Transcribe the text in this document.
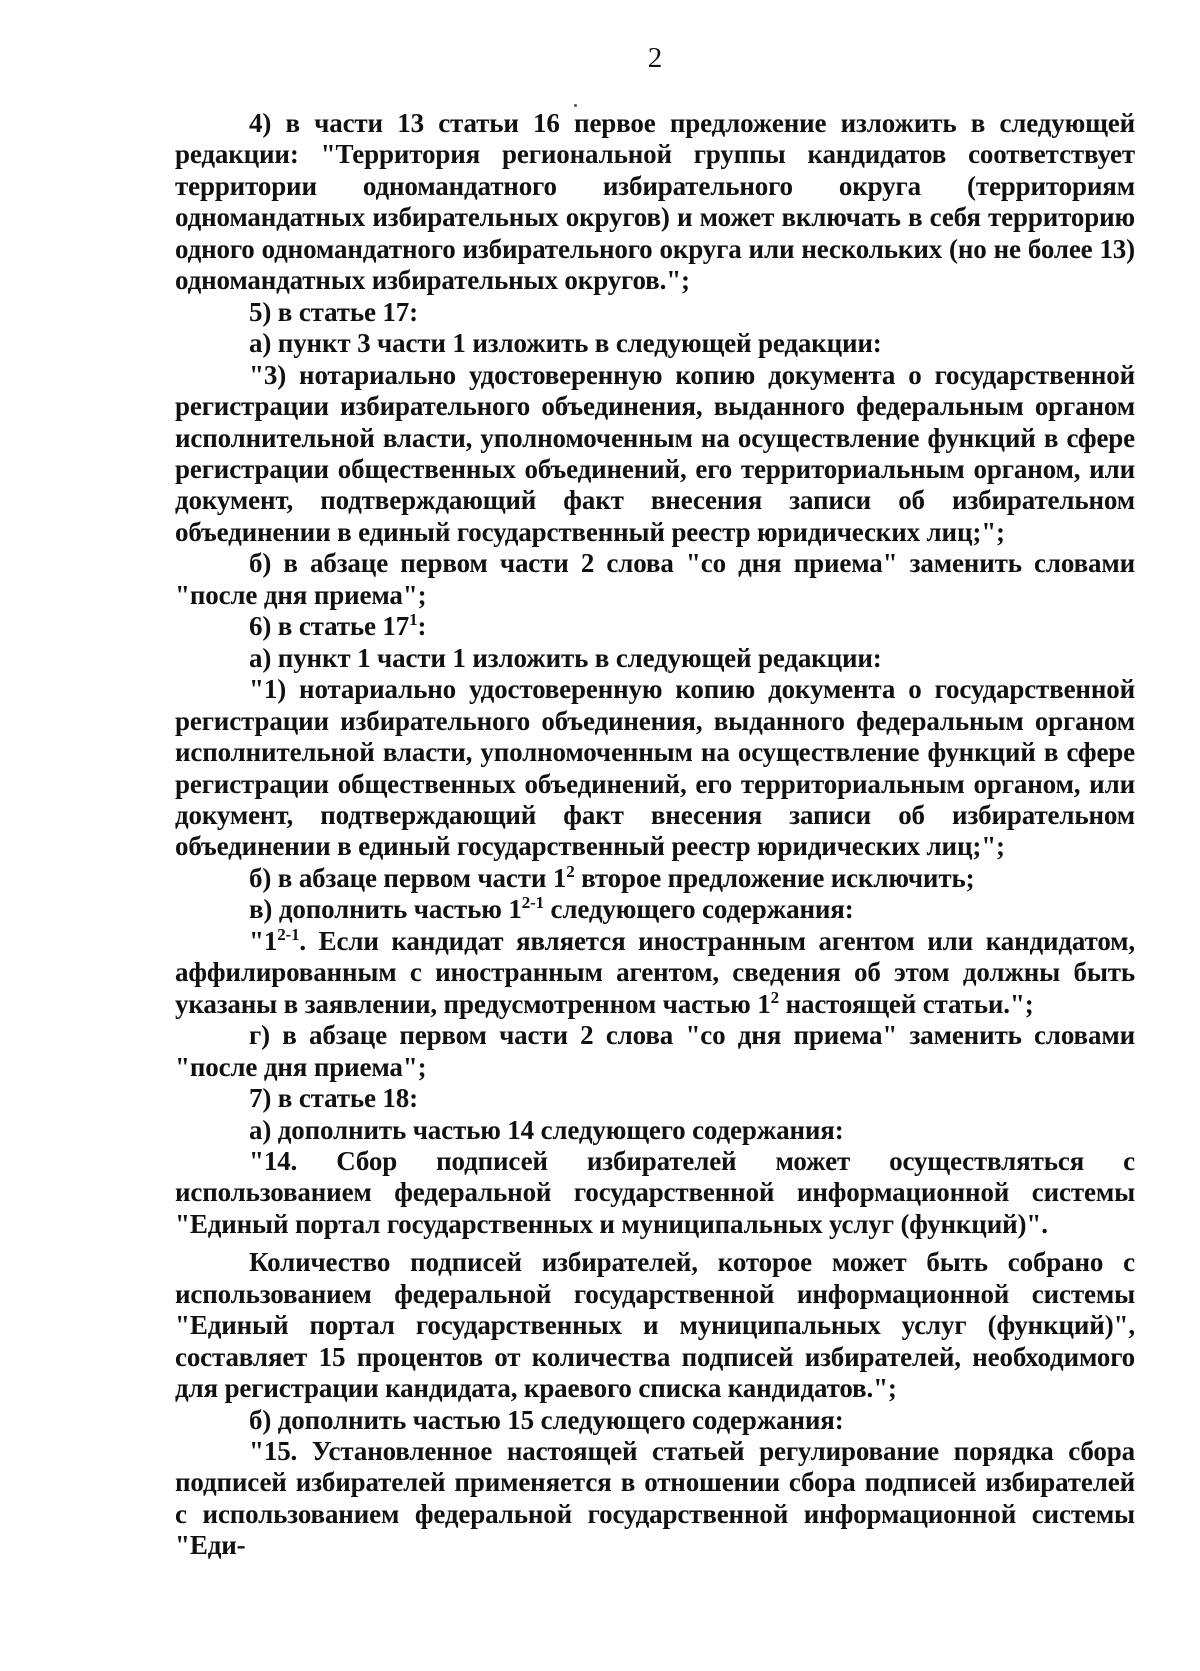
2

4) в части 13 статьи 16 первое предложение изложить в следующей редакции: "Территория региональной группы кандидатов соответствует территории одномандатного избирательного округа (территориям одномандатных избирательных округов) и может включать в себя территорию одного одномандатного избирательного округа или нескольких (но не более 13) одномандатных избирательных округов.";

5) в статье 17:

а) пункт 3 части 1 изложить в следующей редакции:

"3) нотариально удостоверенную копию документа о государственной регистрации избирательного объединения, выданного федеральным органом исполнительной власти, уполномоченным на осуществление функций в сфере регистрации общественных объединений, его территориальным органом, или документ, подтверждающий факт внесения записи об избирательном объединении в единый государственный реестр юридических лиц;";

б) в абзаце первом части 2 слова "со дня приема" заменить словами "после дня приема";

6) в статье $17^1$:

а) пункт 1 части 1 изложить в следующей редакции:

"1) нотариально удостоверенную копию документа о государственной регистрации избирательного объединения, выданного федеральным органом исполнительной власти, уполномоченным на осуществление функций в сфере регистрации общественных объединений, его территориальным органом, или документ, подтверждающий факт внесения записи об избирательном объединении в единый государственный реестр юридических лиц;";

б) в абзаце первом части $1^2$ второе предложение исключить;

в) дополнить частью 1$^{2-1}$ следующего содержания:

"1$^{2-1}$. Если кандидат является иностранным агентом или кандидатом, аффилированным с иностранным агентом, сведения об этом должны быть указаны в заявлении, предусмотренном частью $1^2$ настоящей статьи.";

г) в абзаце первом части 2 слова "со дня приема" заменить словами "после дня приема";

7) в статье 18:

а) дополнить частью 14 следующего содержания:

"14. Сбор подписей избирателей может осуществляться с использованием федеральной государственной информационной системы "Единый портал государственных и муниципальных услуг (функций)".

Количество подписей избирателей, которое может быть собрано с использованием федеральной государственной информационной системы "Единый портал государственных и муниципальных услуг (функций)", составляет 15 процентов от количества подписей избирателей, необходимого для регистрации кандидата, краевого списка кандидатов.";

б) дополнить частью 15 следующего содержания:

"15. Установленное настоящей статьей регулирование порядка сбора подписей избирателей применяется в отношении сбора подписей избирателей с использованием федеральной государственной информационной системы "Еди-
